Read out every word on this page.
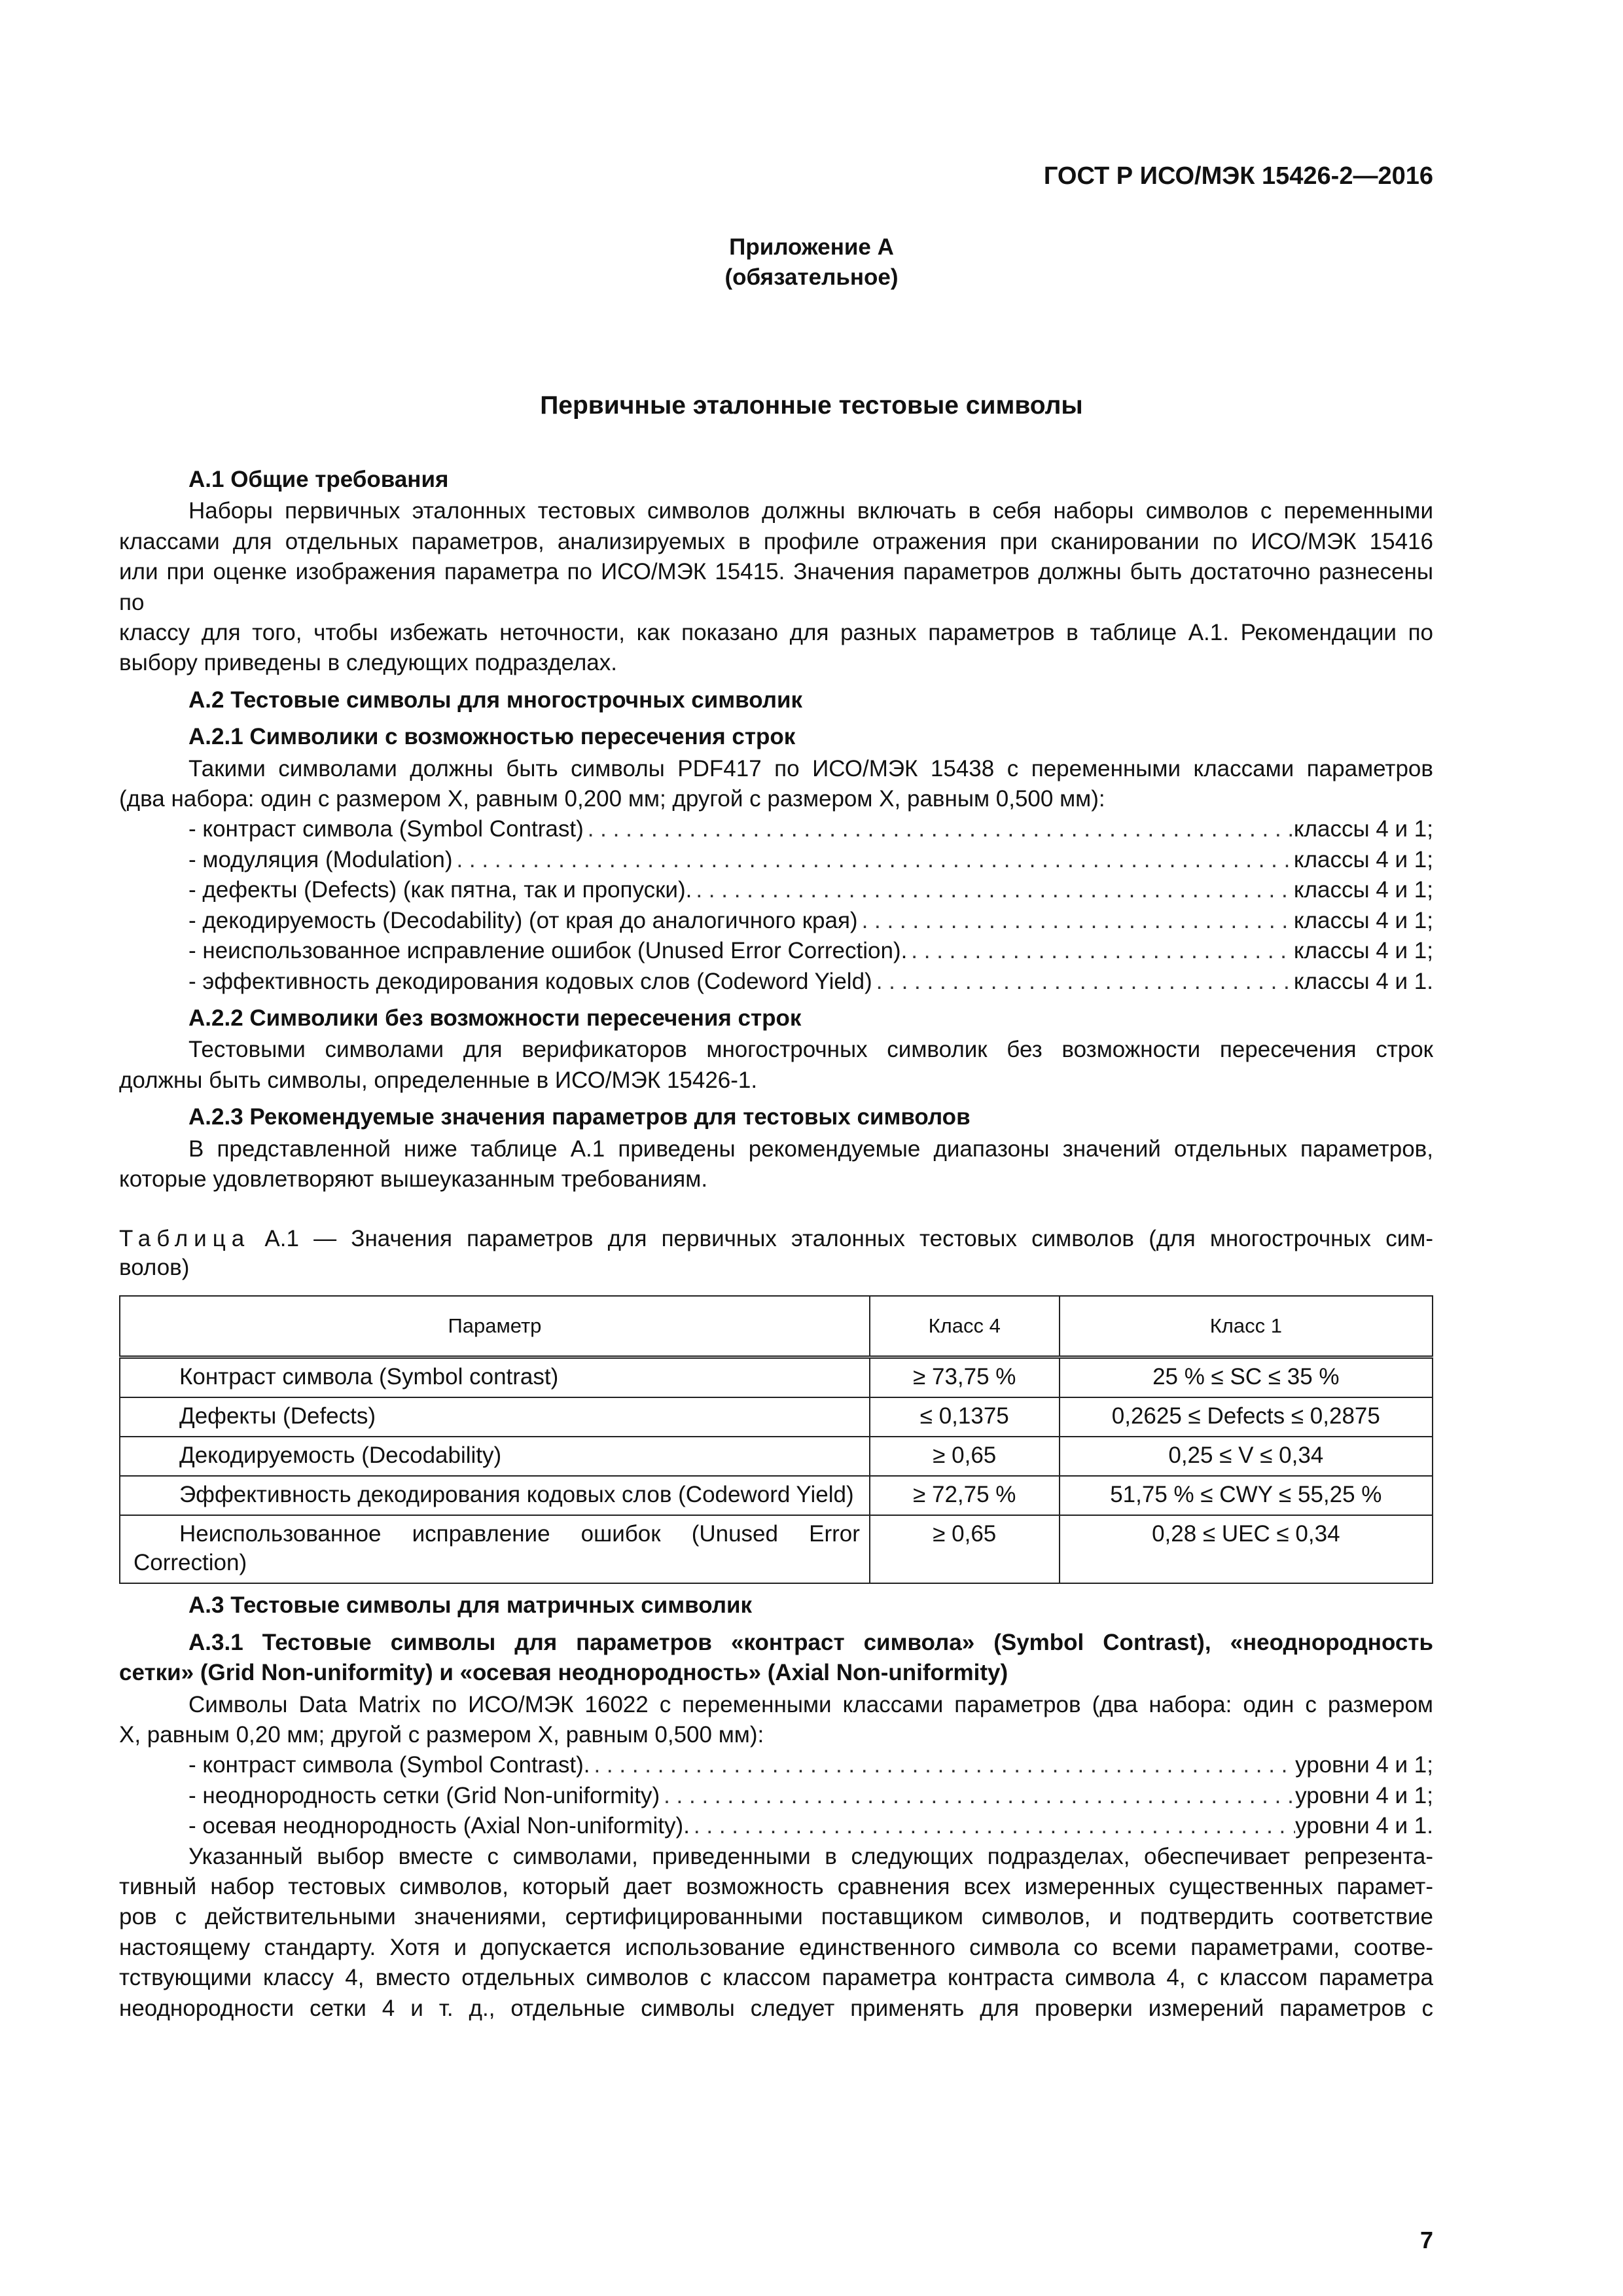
ГОСТ Р ИСО/МЭК 15426-2—2016
Приложение А
(обязательное)
Первичные эталонные тестовые символы
А.1 Общие требования
Наборы первичных эталонных тестовых символов должны включать в себя наборы символов с переменными
классами для отдельных параметров, анализируемых в профиле отражения при сканировании по ИСО/МЭК 15416
или при оценке изображения параметра по ИСО/МЭК 15415. Значения параметров должны быть достаточно разнесены по
классу для того, чтобы избежать неточности, как показано для разных параметров в таблице А.1. Рекомендации по
выбору приведены в следующих подразделах.
А.2 Тестовые символы для многострочных символик
А.2.1 Символики с возможностью пересечения строк
Такими символами должны быть символы PDF417 по ИСО/МЭК 15438 с переменными классами параметров
(два набора: один с размером X, равным 0,200 мм; другой с размером X, равным 0,500 мм):
- контраст символа (Symbol Contrast) . . .	классы 4 и 1;
- модуляция (Modulation) . . .	классы 4 и 1;
- дефекты (Defects) (как пятна, так и пропуски). . . .	классы 4 и 1;
- декодируемость (Decodability) (от края до аналогичного края) . . .	классы 4 и 1;
- неиспользованное исправление ошибок (Unused Error Correction). . . .	классы 4 и 1;
- эффективность декодирования кодовых слов (Codeword Yield) . . .	классы 4 и 1.
А.2.2 Символики без возможности пересечения строк
Тестовыми символами для верификаторов многострочных символик без возможности пересечения строк
должны быть символы, определенные в ИСО/МЭК 15426-1.
А.2.3 Рекомендуемые значения параметров для тестовых символов
В представленной ниже таблице А.1 приведены рекомендуемые диапазоны значений отдельных параметров,
которые удовлетворяют вышеуказанным требованиям.
Таблица А.1 — Значения параметров для первичных эталонных тестовых символов (для многострочных сим-
волов)
Параметр	Класс 4	Класс 1
Контраст символа (Symbol contrast)	≥ 73,75 %	25 % ≤ SC ≤ 35 %
Дефекты (Defects)	≤ 0,1375	0,2625 ≤ Defects ≤ 0,2875
Декодируемость (Decodability)	≥ 0,65	0,25 ≤ V ≤ 0,34
Эффективность декодирования кодовых слов (Codeword Yield)	≥ 72,75 %	51,75 % ≤ CWY ≤ 55,25 %
Неиспользованное исправление ошибок (Unused Error Correction)	≥ 0,65	0,28 ≤ UEC ≤ 0,34
А.3 Тестовые символы для матричных символик
А.3.1 Тестовые символы для параметров «контраст символа» (Symbol Contrast), «неоднородность
сетки» (Grid Non-uniformity) и «осевая неоднородность» (Axial Non-uniformity)
Символы Data Matrix по ИСО/МЭК 16022 с переменными классами параметров (два набора: один с размером
X, равным 0,20 мм; другой с размером X, равным 0,500 мм):
- контраст символа (Symbol Contrast). . . .	уровни 4 и 1;
- неоднородность сетки (Grid Non-uniformity) . . .	уровни 4 и 1;
- осевая неоднородность (Axial Non-uniformity). . . .	уровни 4 и 1.
Указанный выбор вместе с символами, приведенными в следующих подразделах, обеспечивает репрезента-
тивный набор тестовых символов, который дает возможность сравнения всех измеренных существенных парамет-
ров с действительными значениями, сертифицированными поставщиком символов, и подтвердить соответствие
настоящему стандарту. Хотя и допускается использование единственного символа со всеми параметрами, соотве-
тствующими классу 4, вместо отдельных символов с классом параметра контраста символа 4, с классом параметра
неоднородности сетки 4 и т. д., отдельные символы следует применять для проверки измерений параметров с
7
